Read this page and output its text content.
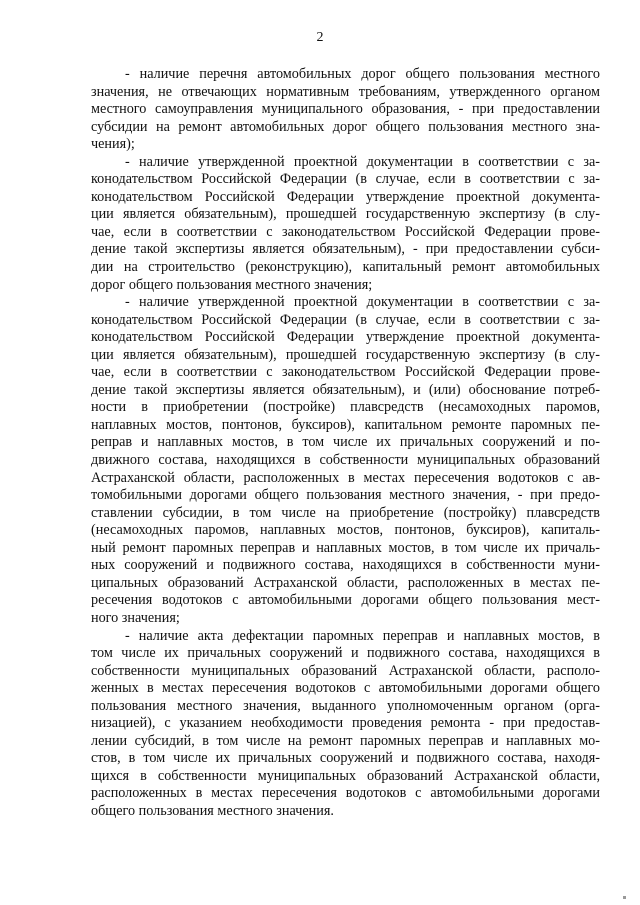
2
- наличие перечня автомобильных дорог общего пользования местного
значения, не отвечающих нормативным требованиям, утвержденного органом
местного самоуправления муниципального образования, - при предоставлении
субсидии на ремонт автомобильных дорог общего пользования местного зна-
чения);
- наличие утвержденной проектной документации в соответствии с за-
конодательством Российской Федерации (в случае, если в соответствии с за-
конодательством Российской Федерации утверждение проектной документа-
ции является обязательным), прошедшей государственную экспертизу (в слу-
чае, если в соответствии с законодательством Российской Федерации прове-
дение такой экспертизы является обязательным), - при предоставлении субси-
дии на строительство (реконструкцию), капитальный ремонт автомобильных
дорог общего пользования местного значения;
- наличие утвержденной проектной документации в соответствии с за-
конодательством Российской Федерации (в случае, если в соответствии с за-
конодательством Российской Федерации утверждение проектной документа-
ции является обязательным), прошедшей государственную экспертизу (в слу-
чае, если в соответствии с законодательством Российской Федерации прове-
дение такой экспертизы является обязательным), и (или) обоснование потреб-
ности в приобретении (постройке) плавсредств (несамоходных паромов,
наплавных мостов, понтонов, буксиров), капитальном ремонте паромных пе-
реправ и наплавных мостов, в том числе их причальных сооружений и по-
движного состава, находящихся в собственности муниципальных образований
Астраханской области, расположенных в местах пересечения водотоков с ав-
томобильными дорогами общего пользования местного значения, - при предо-
ставлении субсидии, в том числе на приобретение (постройку) плавсредств
(несамоходных паромов, наплавных мостов, понтонов, буксиров), капиталь-
ный ремонт паромных переправ и наплавных мостов, в том числе их причаль-
ных сооружений и подвижного состава, находящихся в собственности муни-
ципальных образований Астраханской области, расположенных в местах пе-
ресечения водотоков с автомобильными дорогами общего пользования мест-
ного значения;
- наличие акта дефектации паромных переправ и наплавных мостов, в
том числе их причальных сооружений и подвижного состава, находящихся в
собственности муниципальных образований Астраханской области, располо-
женных в местах пересечения водотоков с автомобильными дорогами общего
пользования местного значения, выданного уполномоченным органом (орга-
низацией), с указанием необходимости проведения ремонта - при предостав-
лении субсидий, в том числе на ремонт паромных переправ и наплавных мо-
стов, в том числе их причальных сооружений и подвижного состава, находя-
щихся в собственности муниципальных образований Астраханской области,
расположенных в местах пересечения водотоков с автомобильными дорогами
общего пользования местного значения.
